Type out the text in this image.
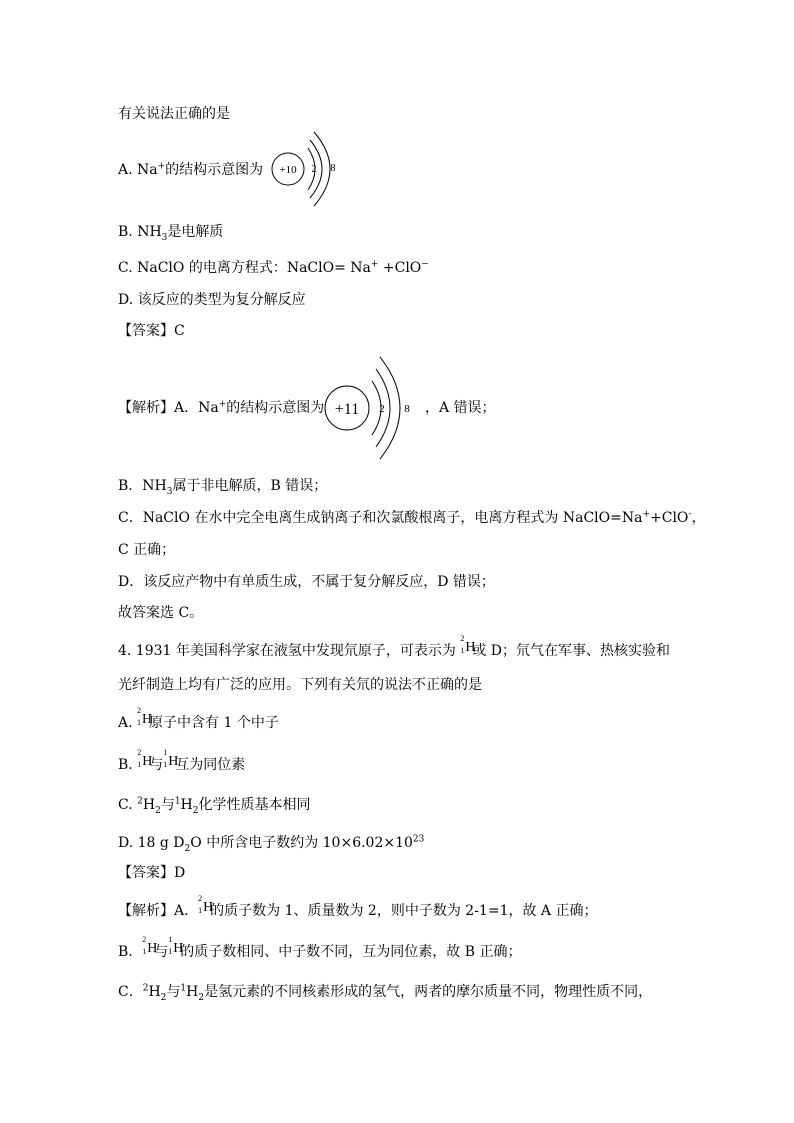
有关说法正确的是
A. Na+的结构示意图为 +10 2 8
B. $NH_3$是电解质
C. NaClO 的电离方程式：NaClO= Na+ +ClO−
D. 该反应的类型为复分解反应
【答案】C
【解析】A．Na+的结构示意图为 +11 2 8 ，A 错误；
B．$NH_3$属于非电解质，B 错误；
C．NaClO 在水中完全电离生成钠离子和次氯酸根离子，电离方程式为 NaClO=Na++ClO-，
C 正确；
D．该反应产物中有单质生成，不属于复分解反应，D 错误；
故答案选 C。
4. 1931 年美国科学家在液氢中发现氘原子，可表示为
2
1 H
或 D；氘气在军事、热核实验和
光纤制造上均有广泛的应用。下列有关氘的说法不正确的是
A.
2
1 H
原子中含有 1 个中子
B.
2
1 H
与
1
1 H
互为同位素
C. $^2H_2$与$^1H_2$化学性质基本相同
D. 18 g $D_2O$ 中所含电子数约为 $10\times 6.02\times 10^{23}$
【答案】D
【解析】A．
2
1 H
的质子数为 1、质量数为 2，则中子数为 2-1=1，故 A 正确；
B．
2
1 H
与
1
1 H
的质子数相同、中子数不同，互为同位素，故 B 正确；
C．$^2H_2$与$^1H_2$是氢元素的不同核素形成的氢气，两者的摩尔质量不同，物理性质不同，
